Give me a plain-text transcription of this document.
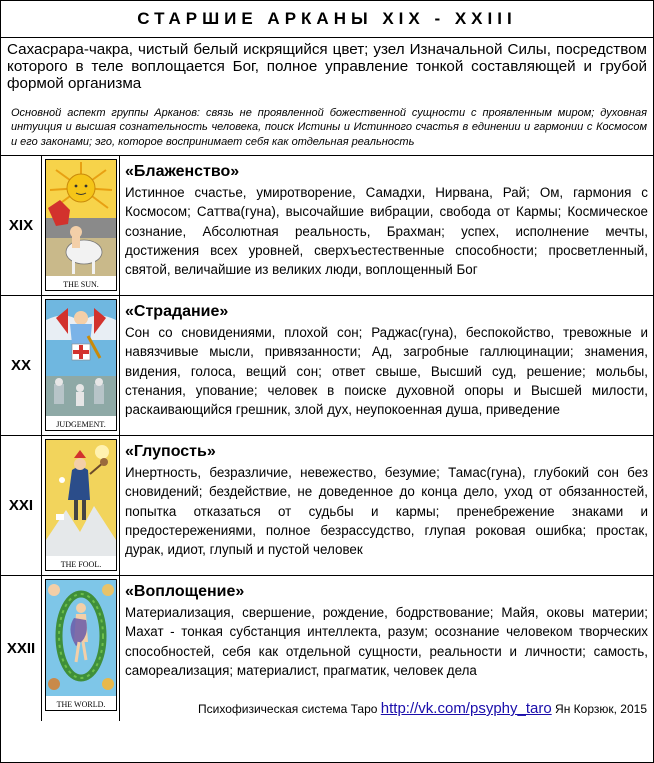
СТАРШИЕ АРКАНЫ XIX - XXIII

Сахасрара-чакра, чистый белый искрящийся цвет; узел Изначальной Силы, посредством которого в теле воплощается Бог, полное управление тонкой составляющей и грубой формой организма

Основной аспект группы Арканов: связь не проявленной божественной сущности с проявленным миром; духовная интуиция и высшая сознательность человека, поиск Истины и Истинного счастья в единении и гармонии с Космосом и его законами; эго, которое воспринимает себя как отдельная реальность

XIX
THE SUN.
«Блаженство»
Истинное счастье, умиротворение, Самадхи, Нирвана, Рай; Ом, гармония с Космосом; Саттва(гуна), высочайшие вибрации, свобода от Кармы; Космическое сознание, Абсолютная реальность, Брахман; успех, исполнение мечты, достижения всех уровней, сверхъестественные способности; просветленный, святой, величайшие из великих люди, воплощенный Бог
XX
JUDGEMENT.
«Страдание»
Сон со сновидениями, плохой сон; Раджас(гуна), беспокойство, тревожные и навязчивые мысли, привязанности; Ад, загробные галлюцинации; знамения, видения, голоса, вещий сон; ответ свыше, Высший суд, решение; мольбы, стенания, упование; человек в поиске духовной опоры и Высшей милости, раскаивающийся грешник, злой дух, неупокоенная душа, приведение
XXI
THE FOOL.
«Глупость»
Инертность, безразличие, невежество, безумие; Тамас(гуна), глубокий сон без сновидений; бездействие, не доведенное до конца дело, уход от обязанностей, попытка отказаться от судьбы и кармы; пренебрежение знаками и предостережениями, полное безрассудство, глупая роковая ошибка; простак, дурак, идиот, глупый и пустой человек
XXII
THE WORLD.
«Воплощение»
Материализация, свершение, рождение, бодрствование; Майя, оковы материи; Махат - тонкая субстанция интеллекта, разум; осознание человеком творческих способностей, себя как отдельной сущности, реальности и личности; самость, самореализация; материалист, прагматик, человек дела
Психофизическая система Таро http://vk.com/psyphy_taro Ян Корзюк, 2015
